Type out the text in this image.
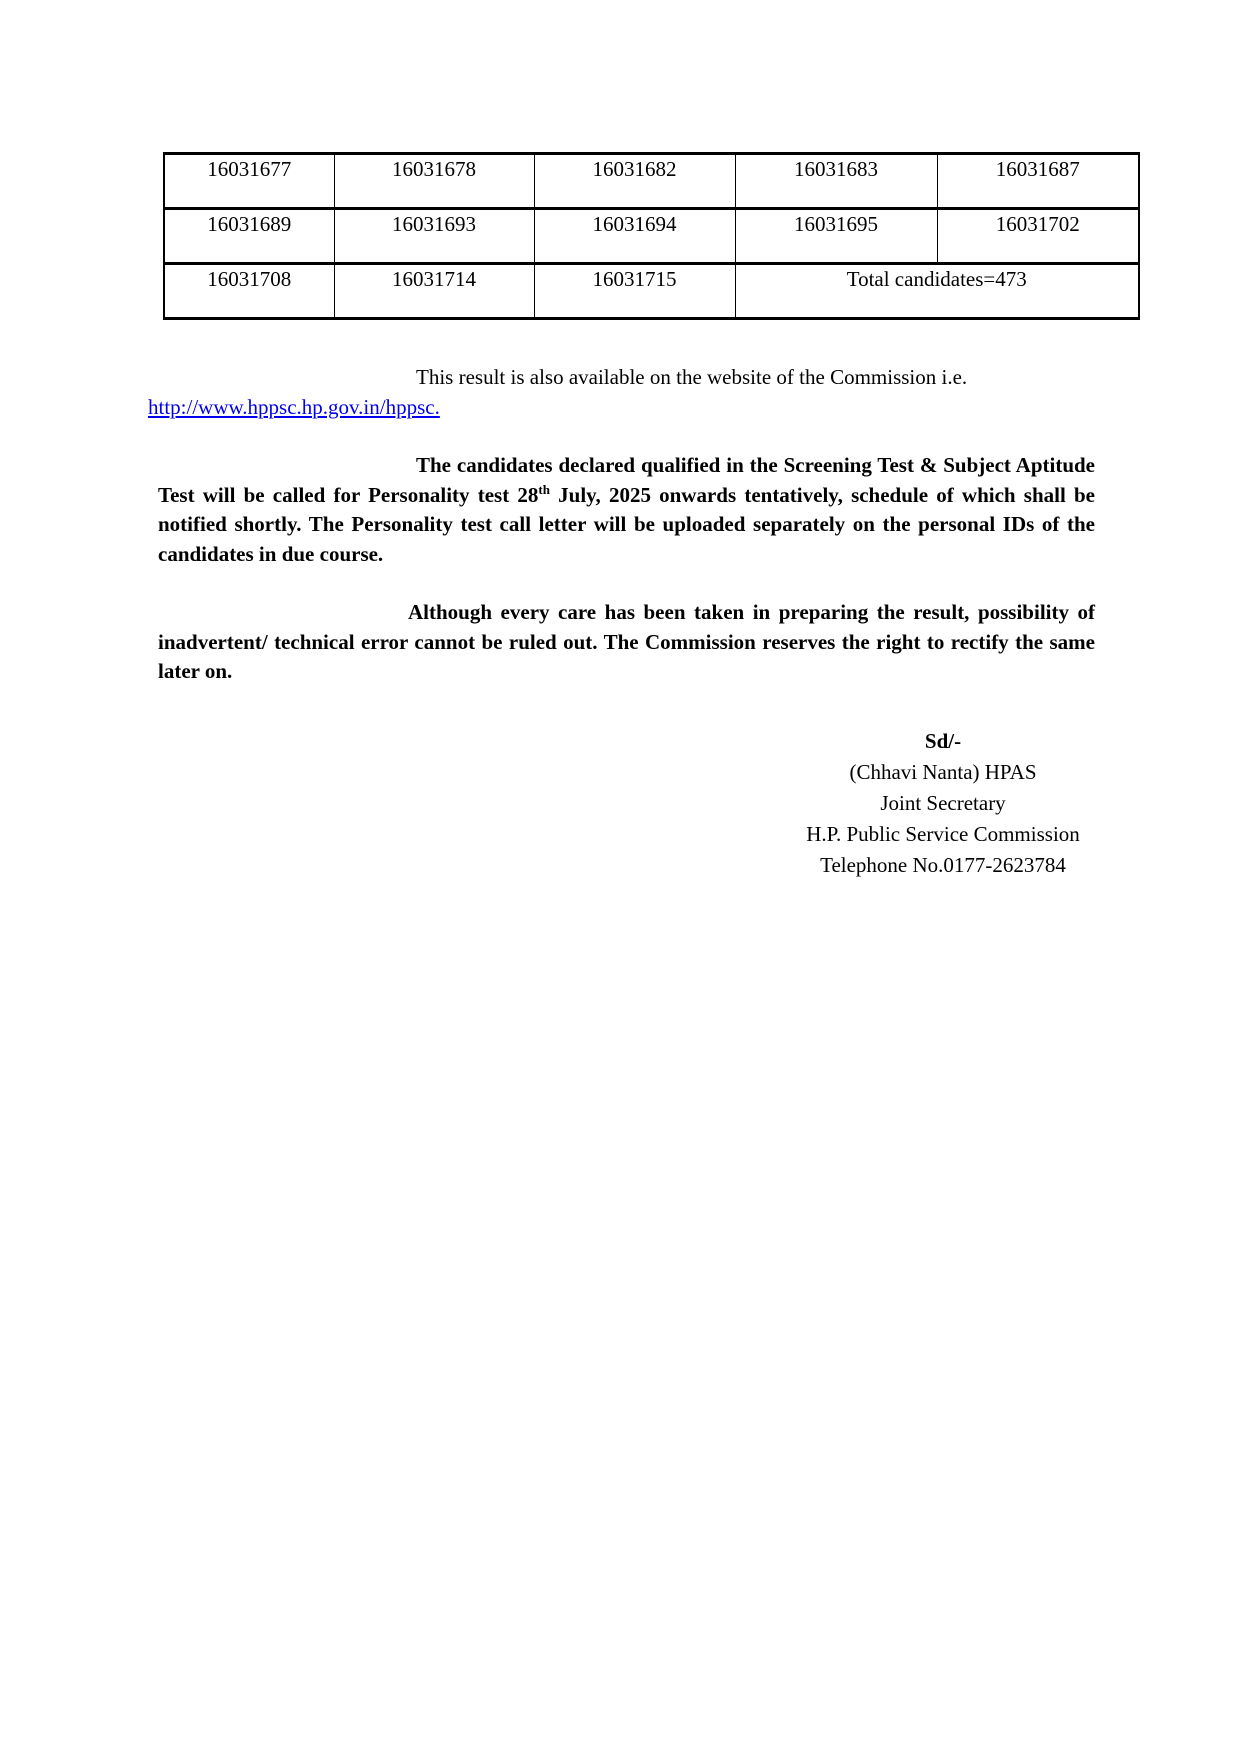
16031677	16031678	16031682	16031683	16031687
16031689	16031693	16031694	16031695	16031702
16031708	16031714	16031715	Total candidates=473	

This result is also available on the website of the Commission i.e.
http://www.hppsc.hp.gov.in/hppsc.

The candidates declared qualified in the Screening Test & Subject Aptitude Test will be called for Personality test 28th July, 2025 onwards tentatively, schedule of which shall be notified shortly. The Personality test call letter will be uploaded separately on the personal IDs of the candidates in due course.

Although every care has been taken in preparing the result, possibility of inadvertent/ technical error cannot be ruled out. The Commission reserves the right to rectify the same later on.

Sd/-
(Chhavi Nanta) HPAS
Joint Secretary
H.P. Public Service Commission
Telephone No.0177-2623784
